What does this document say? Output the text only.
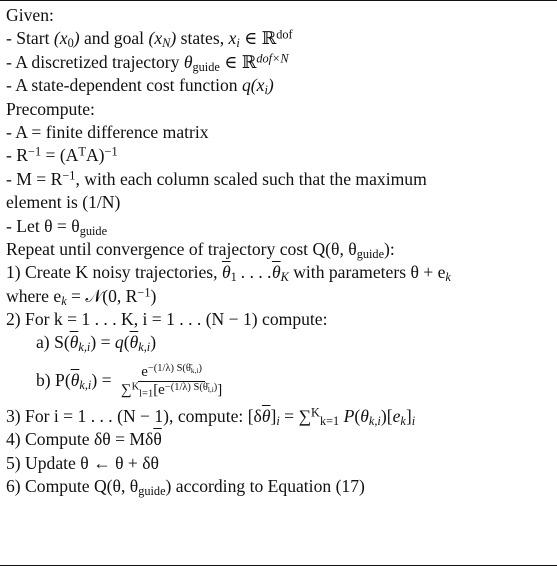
Given:
- Start $(x_0)$ and goal $(x_N)$ states, $x_i$ ∈ ℝ$^{dof}$
- A discretized trajectory $\theta_{guide}$ ∈ ℝ$^{dof\times N}$
- A state-dependent cost function $q(x_i)$
Precompute:
- A = finite difference matrix
- $R^{-1} = (A^TA)^{-1}$
- $M = R^{-1}$, with each column scaled such that the maximum
element is (1/N)
- Let $\theta = \theta_{guide}$
Repeat until convergence of trajectory cost Q(θ, $\theta_{guide}$):
1) Create K noisy trajectories, $\overline{\theta}_1$ . . . $.\overline{\theta}_K$ with parameters $\theta + e_k$
where $e_k$ = 𝒩(0, $R^{-1}$)
2) For k = 1 . . . K, i = 1 . . . (N − 1) compute:
a) $S(\overline{\theta}_{k,i}) = q(\overline{\theta}_{k,i})$
b) $P(\overline{\theta}_{k,i}) = \frac{e^{-(1/\lambda) S(\thetā_{k,i})}}{\sum^K_{l=1}[e^{-(1/\lambda) S(\thetā_{l,i})}]}$
3) For i = 1 . . . (N − 1), compute: $[\delta\overline{\theta}]_i = \sum^K_{k=1}$ $P(\theta_{k,i})[e_k]_i$
4) Compute $\delta\theta = M\delta\overline{\theta}$
5) Update θ ← θ + δθ
6) Compute Q(θ, $\theta_{guide}$) according to Equation (17)
